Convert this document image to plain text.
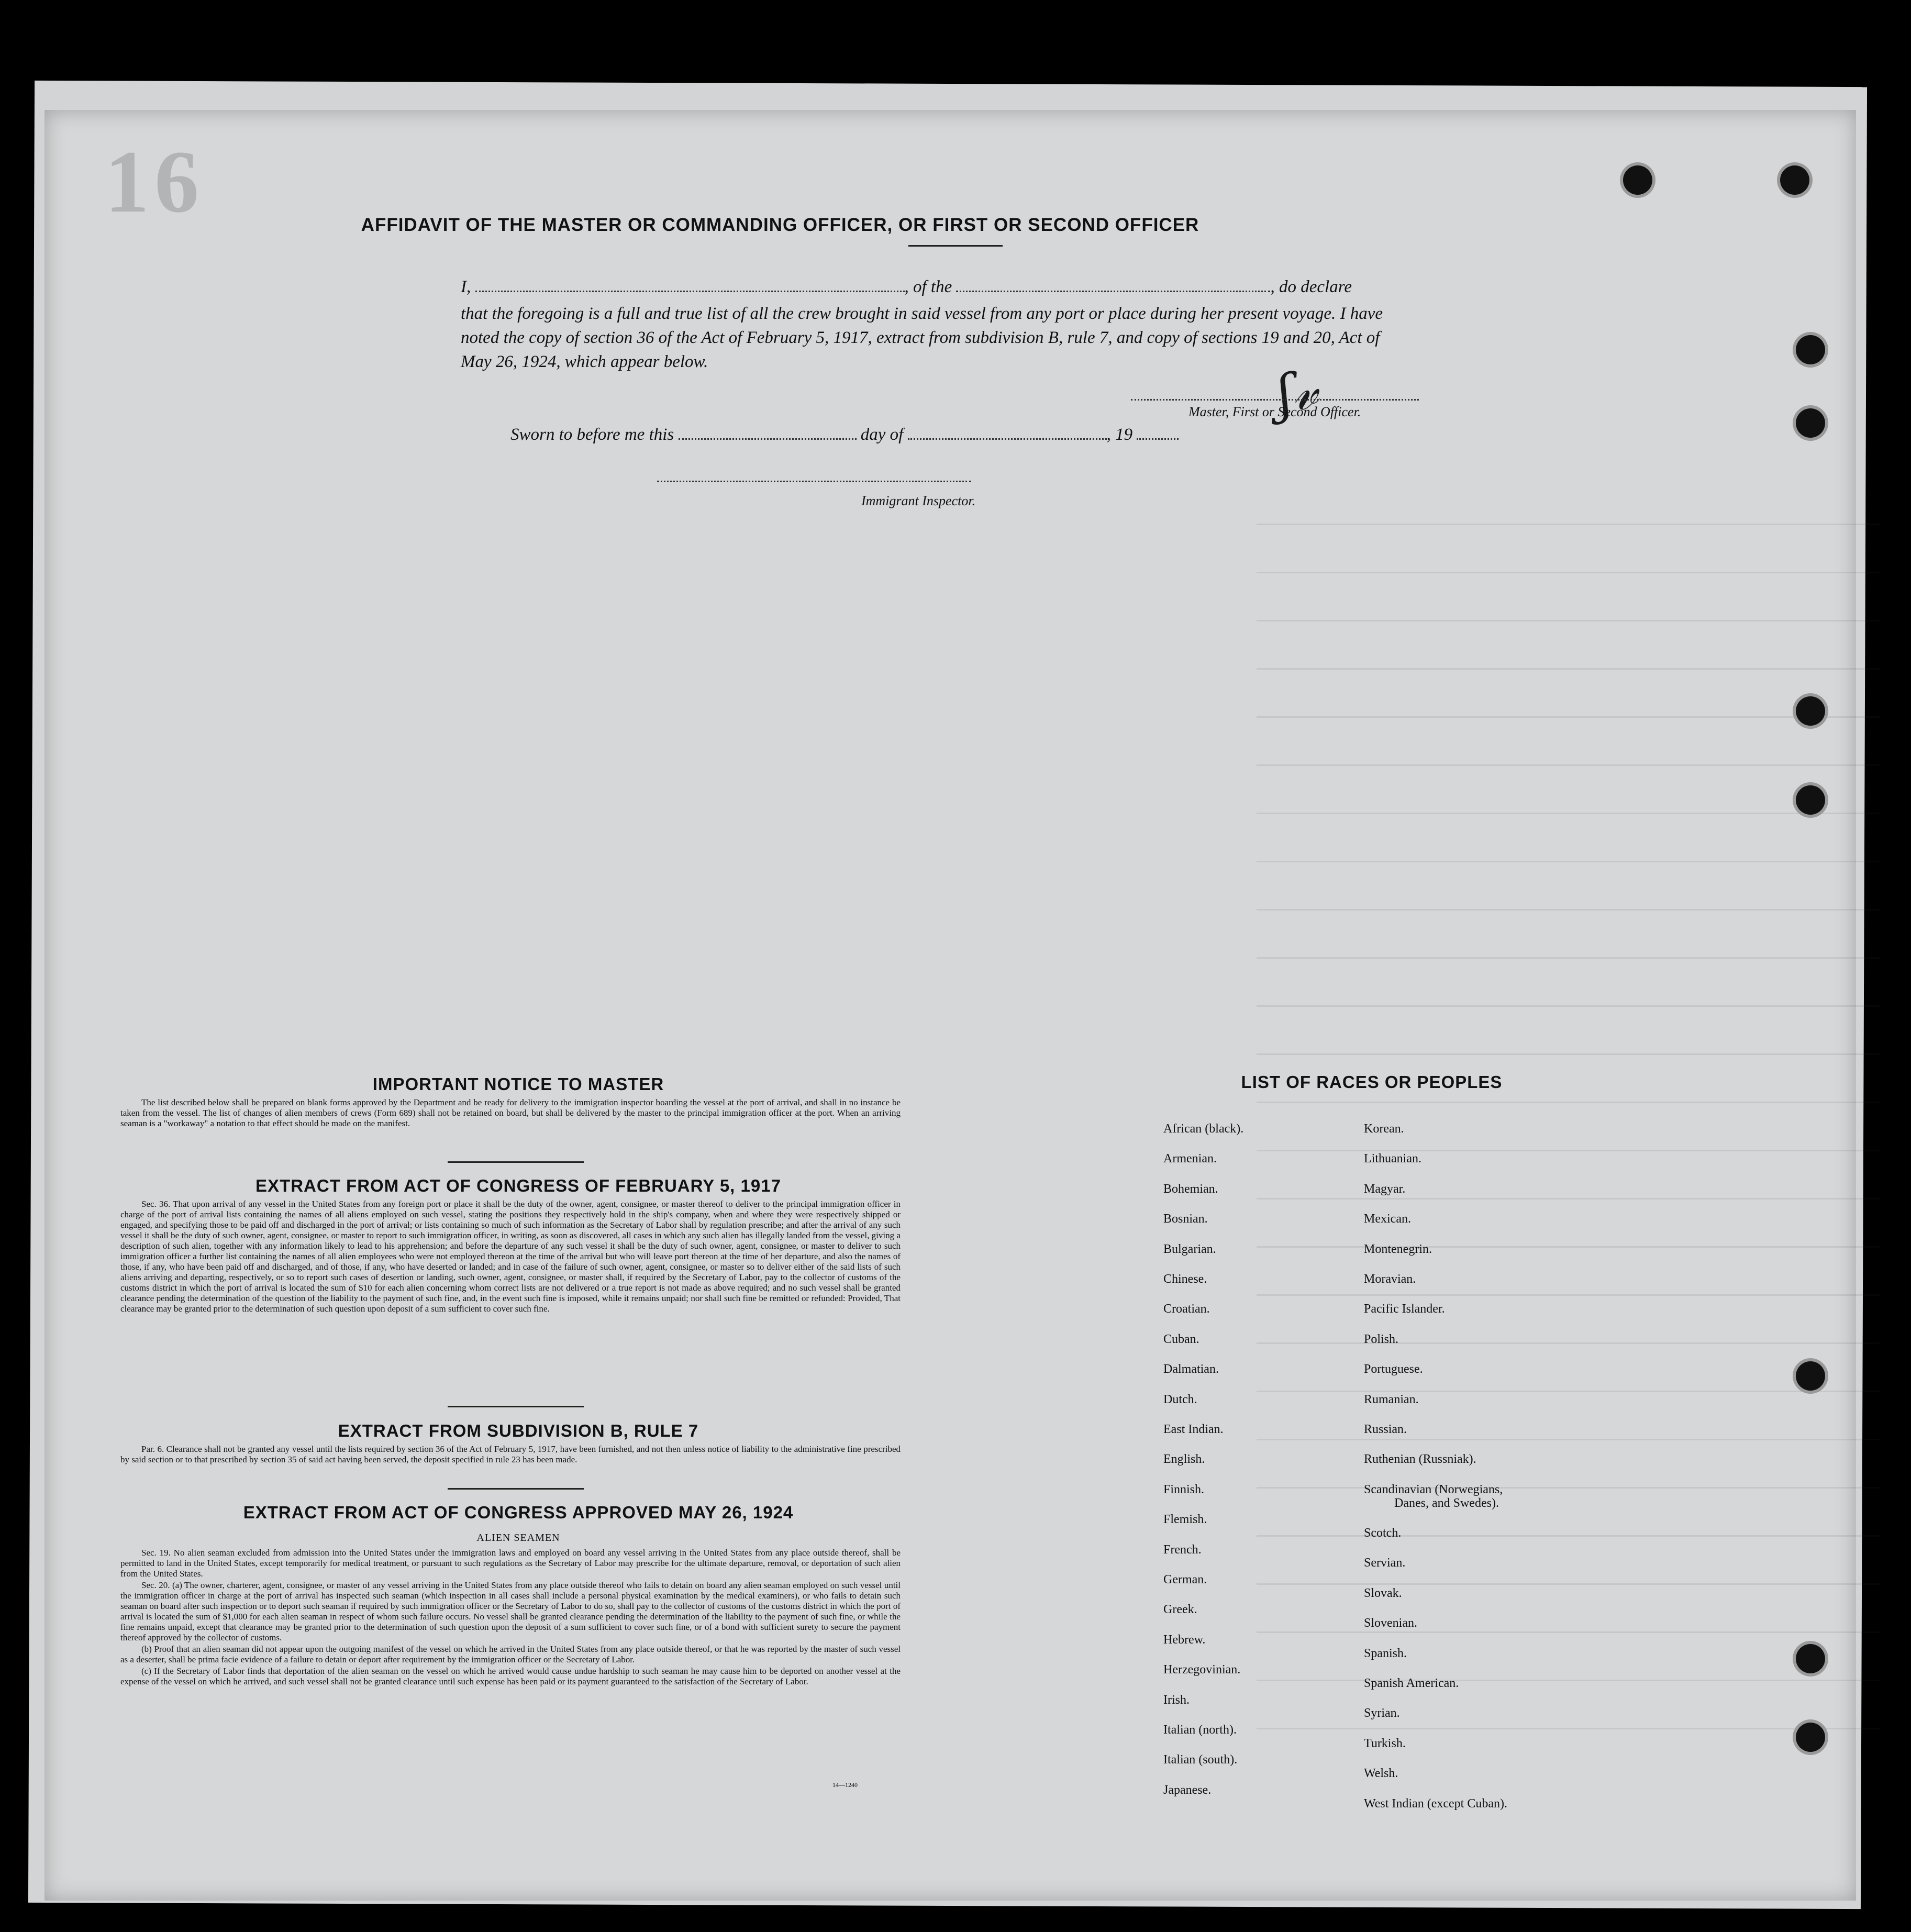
16	AFFIDAVIT OF THE MASTER OR COMMANDING OFFICER, OR FIRST OR SECOND OFFICER
I,	, of the	, do declare
that the foregoing is a full and true list of all the crew brought in said vessel from any port or place during her present voyage. I have noted the copy of section 36 of the Act of February 5, 1917, extract from subdivision B, rule 7, and copy of sections 19 and 20, Act of May 26, 1924, which appear below.	ʃ𝓋
Master, First or Second Officer.
Sworn to before me this	day of	, 19
Immigrant Inspector.
IMPORTANT NOTICE TO MASTER

The list described below shall be prepared on blank forms approved by the Department and be ready for delivery to the immigration inspector boarding the vessel at the port of arrival, and shall in no instance be taken from the vessel. The list of changes of alien members of crews (Form 689) shall not be retained on board, but shall be delivered by the master to the principal immigration officer at the port. When an arriving seaman is a "workaway" a notation to that effect should be made on the manifest.

EXTRACT FROM ACT OF CONGRESS OF FEBRUARY 5, 1917

Sec. 36. That upon arrival of any vessel in the United States from any foreign port or place it shall be the duty of the owner, agent, consignee, or master thereof to deliver to the principal immigration officer in charge of the port of arrival lists containing the names of all aliens employed on such vessel, stating the positions they respectively hold in the ship's company, when and where they were respectively shipped or engaged, and specifying those to be paid off and discharged in the port of arrival; or lists containing so much of such information as the Secretary of Labor shall by regulation prescribe; and after the arrival of any such vessel it shall be the duty of such owner, agent, consignee, or master to report to such immigration officer, in writing, as soon as discovered, all cases in which any such alien has illegally landed from the vessel, giving a description of such alien, together with any information likely to lead to his apprehension; and before the departure of any such vessel it shall be the duty of such owner, agent, consignee, or master to deliver to such immigration officer a further list containing the names of all alien employees who were not employed thereon at the time of the arrival but who will leave port thereon at the time of her departure, and also the names of those, if any, who have been paid off and discharged, and of those, if any, who have deserted or landed; and in case of the failure of such owner, agent, consignee, or master so to deliver either of the said lists of such aliens arriving and departing, respectively, or so to report such cases of desertion or landing, such owner, agent, consignee, or master shall, if required by the Secretary of Labor, pay to the collector of customs of the customs district in which the port of arrival is located the sum of $10 for each alien concerning whom correct lists are not delivered or a true report is not made as above required; and no such vessel shall be granted clearance pending the determination of the question of the liability to the payment of such fine, and, in the event such fine is imposed, while it remains unpaid; nor shall such fine be remitted or refunded: Provided, That clearance may be granted prior to the determination of such question upon deposit of a sum sufficient to cover such fine.

EXTRACT FROM SUBDIVISION B, RULE 7

Par. 6. Clearance shall not be granted any vessel until the lists required by section 36 of the Act of February 5, 1917, have been furnished, and not then unless notice of liability to the administrative fine prescribed by said section or to that prescribed by section 35 of said act having been served, the deposit specified in rule 23 has been made.

EXTRACT FROM ACT OF CONGRESS APPROVED MAY 26, 1924
ALIEN SEAMEN

Sec. 19. No alien seaman excluded from admission into the United States under the immigration laws and employed on board any vessel arriving in the United States from any place outside thereof, shall be permitted to land in the United States, except temporarily for medical treatment, or pursuant to such regulations as the Secretary of Labor may prescribe for the ultimate departure, removal, or deportation of such alien from the United States.

Sec. 20. (a) The owner, charterer, agent, consignee, or master of any vessel arriving in the United States from any place outside thereof who fails to detain on board any alien seaman employed on such vessel until the immigration officer in charge at the port of arrival has inspected such seaman (which inspection in all cases shall include a personal physical examination by the medical examiners), or who fails to detain such seaman on board after such inspection or to deport such seaman if required by such immigration officer or the Secretary of Labor to do so, shall pay to the collector of customs of the customs district in which the port of arrival is located the sum of $1,000 for each alien seaman in respect of whom such failure occurs. No vessel shall be granted clearance pending the determination of the liability to the payment of such fine, or while the fine remains unpaid, except that clearance may be granted prior to the determination of such question upon the deposit of a sum sufficient to cover such fine, or of a bond with sufficient surety to secure the payment thereof approved by the collector of customs.

(b) Proof that an alien seaman did not appear upon the outgoing manifest of the vessel on which he arrived in the United States from any place outside thereof, or that he was reported by the master of such vessel as a deserter, shall be prima facie evidence of a failure to detain or deport after requirement by the immigration officer or the Secretary of Labor.

(c) If the Secretary of Labor finds that deportation of the alien seaman on the vessel on which he arrived would cause undue hardship to such seaman he may cause him to be deported on another vessel at the expense of the vessel on which he arrived, and such vessel shall not be granted clearance until such expense has been paid or its payment guaranteed to the satisfaction of the Secretary of Labor.

14—1240
LIST OF RACES OR PEOPLES
African (black).
Armenian.
Bohemian.
Bosnian.
Bulgarian.
Chinese.
Croatian.
Cuban.
Dalmatian.
Dutch.
East Indian.
English.
Finnish.
Flemish.
French.
German.
Greek.
Hebrew.
Herzegovinian.
Irish.
Italian (north).
Italian (south).
Japanese.
Korean.
Lithuanian.
Magyar.
Mexican.
Montenegrin.
Moravian.
Pacific Islander.
Polish.
Portuguese.
Rumanian.
Russian.
Ruthenian (Russniak).
Scandinavian (Norwegians,
Danes, and Swedes).
Scotch.
Servian.
Slovak.
Slovenian.
Spanish.
Spanish American.
Syrian.
Turkish.
Welsh.
West Indian (except Cuban).
